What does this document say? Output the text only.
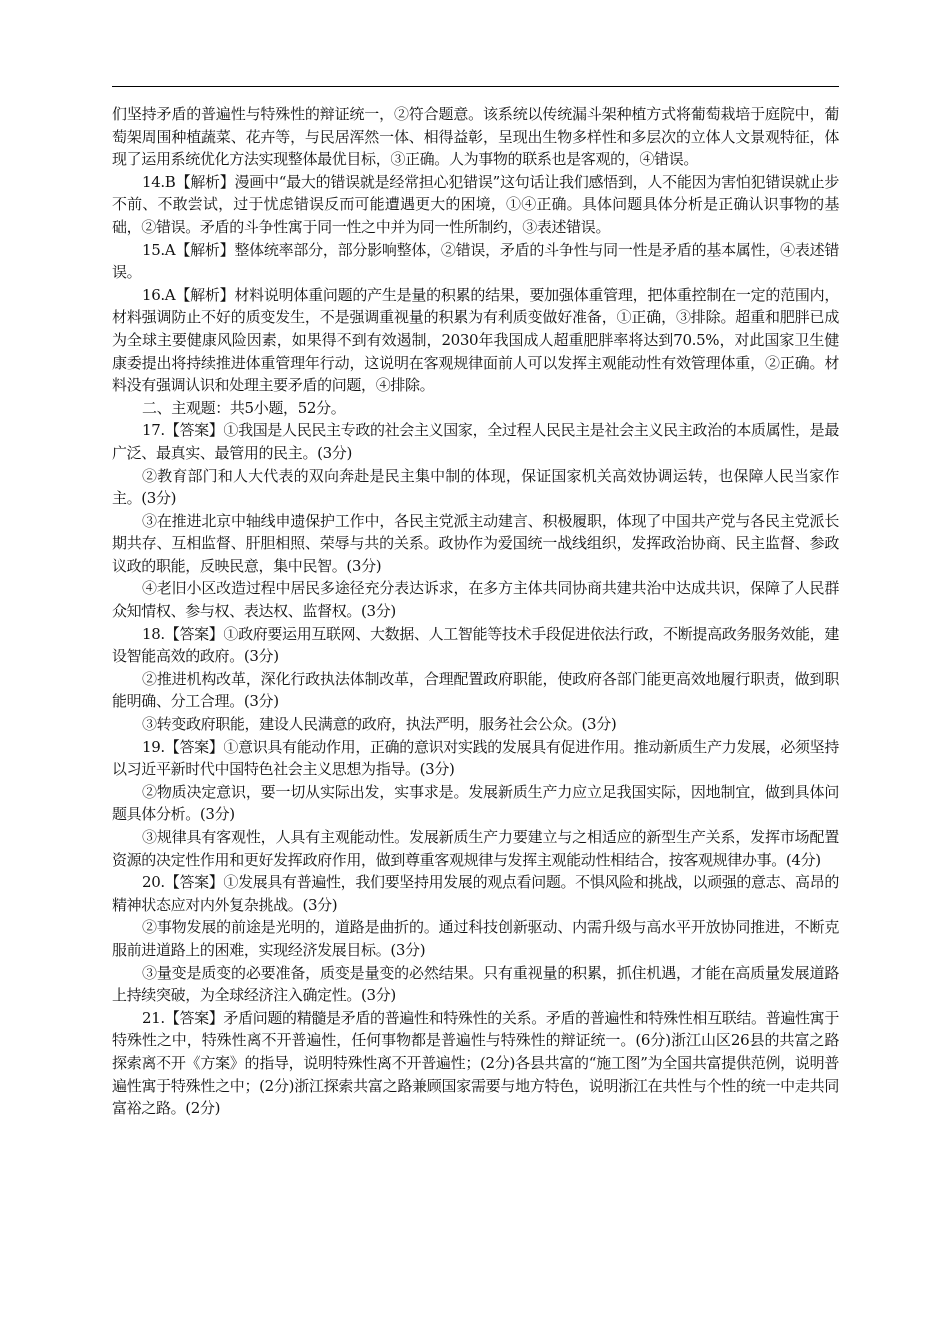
们坚持矛盾的普遍性与特殊性的辩证统一，②符合题意。该系统以传统漏斗架种植方式将葡萄栽培于庭院中，葡萄架周围种植蔬菜、花卉等，与民居浑然一体、相得益彰，呈现出生物多样性和多层次的立体人文景观特征，体现了运用系统优化方法实现整体最优目标，③正确。人为事物的联系也是客观的，④错误。

14.B【解析】漫画中“最大的错误就是经常担心犯错误”这句话让我们感悟到，人不能因为害怕犯错误就止步不前、不敢尝试，过于忧虑错误反而可能遭遇更大的困境，①④正确。具体问题具体分析是正确认识事物的基础，②错误。矛盾的斗争性寓于同一性之中并为同一性所制约，③表述错误。

15.A【解析】整体统率部分，部分影响整体，②错误，矛盾的斗争性与同一性是矛盾的基本属性，④表述错误。

16.A【解析】材料说明体重问题的产生是量的积累的结果，要加强体重管理，把体重控制在一定的范围内，材料强调防止不好的质变发生，不是强调重视量的积累为有利质变做好准备，①正确，③排除。超重和肥胖已成为全球主要健康风险因素，如果得不到有效遏制，2030年我国成人超重肥胖率将达到70.5%，对此国家卫生健康委提出将持续推进体重管理年行动，这说明在客观规律面前人可以发挥主观能动性有效管理体重，②正确。材料没有强调认识和处理主要矛盾的问题，④排除。

二、主观题：共5小题，52分。

17.【答案】①我国是人民民主专政的社会主义国家，全过程人民民主是社会主义民主政治的本质属性，是最广泛、最真实、最管用的民主。(3分)

②教育部门和人大代表的双向奔赴是民主集中制的体现，保证国家机关高效协调运转，也保障人民当家作主。(3分)

③在推进北京中轴线申遗保护工作中，各民主党派主动建言、积极履职，体现了中国共产党与各民主党派长期共存、互相监督、肝胆相照、荣辱与共的关系。政协作为爱国统一战线组织，发挥政治协商、民主监督、参政议政的职能，反映民意，集中民智。(3分)

④老旧小区改造过程中居民多途径充分表达诉求，在多方主体共同协商共建共治中达成共识，保障了人民群众知情权、参与权、表达权、监督权。(3分)

18.【答案】①政府要运用互联网、大数据、人工智能等技术手段促进依法行政，不断提高政务服务效能，建设智能高效的政府。(3分)

②推进机构改革，深化行政执法体制改革，合理配置政府职能，使政府各部门能更高效地履行职责，做到职能明确、分工合理。(3分)

③转变政府职能，建设人民满意的政府，执法严明，服务社会公众。(3分)

19.【答案】①意识具有能动作用，正确的意识对实践的发展具有促进作用。推动新质生产力发展，必须坚持以习近平新时代中国特色社会主义思想为指导。(3分)

②物质决定意识，要一切从实际出发，实事求是。发展新质生产力应立足我国实际，因地制宜，做到具体问题具体分析。(3分)

③规律具有客观性，人具有主观能动性。发展新质生产力要建立与之相适应的新型生产关系，发挥市场配置资源的决定性作用和更好发挥政府作用，做到尊重客观规律与发挥主观能动性相结合，按客观规律办事。(4分)

20.【答案】①发展具有普遍性，我们要坚持用发展的观点看问题。不惧风险和挑战，以顽强的意志、高昂的精神状态应对内外复杂挑战。(3分)

②事物发展的前途是光明的，道路是曲折的。通过科技创新驱动、内需升级与高水平开放协同推进，不断克服前进道路上的困难，实现经济发展目标。(3分)

③量变是质变的必要准备，质变是量变的必然结果。只有重视量的积累，抓住机遇，才能在高质量发展道路上持续突破，为全球经济注入确定性。(3分)

21.【答案】矛盾问题的精髓是矛盾的普遍性和特殊性的关系。矛盾的普遍性和特殊性相互联结。普遍性寓于特殊性之中，特殊性离不开普遍性，任何事物都是普遍性与特殊性的辩证统一。(6分)浙江山区26县的共富之路探索离不开《方案》的指导，说明特殊性离不开普遍性；(2分)各县共富的“施工图”为全国共富提供范例，说明普遍性寓于特殊性之中；(2分)浙江探索共富之路兼顾国家需要与地方特色，说明浙江在共性与个性的统一中走共同富裕之路。(2分)
